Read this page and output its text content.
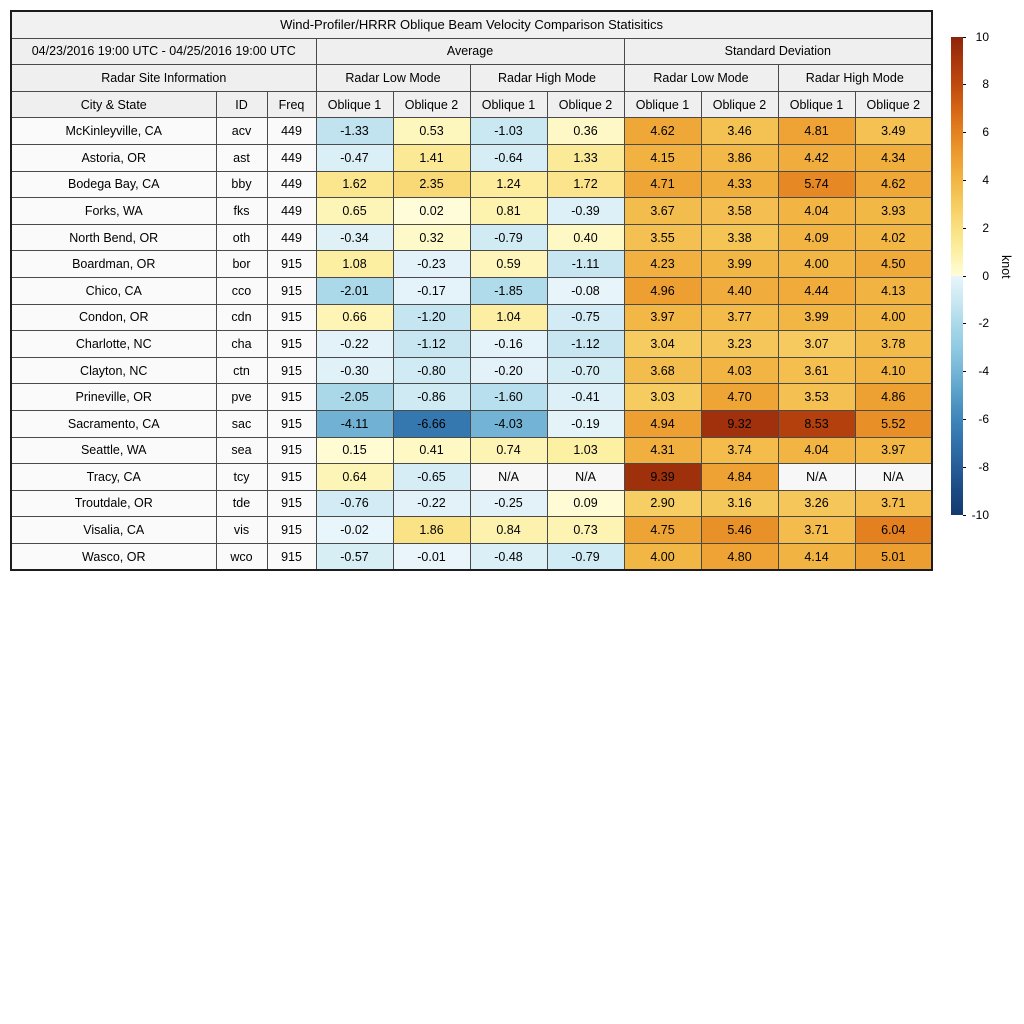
Wind-Profiler/HRRR Oblique Beam Velocity Comparison Statisitics										
04/23/2016 19:00 UTC - 04/25/2016 19:00 UTC			Average				Standard Deviation			
Radar Site Information			Radar Low Mode		Radar High Mode		Radar Low Mode		Radar High Mode	
City & State	ID	Freq	Oblique 1	Oblique 2	Oblique 1	Oblique 2	Oblique 1	Oblique 2	Oblique 1	Oblique 2
McKinleyville, CA	acv	449	-1.33	0.53	-1.03	0.36	4.62	3.46	4.81	3.49
Astoria, OR	ast	449	-0.47	1.41	-0.64	1.33	4.15	3.86	4.42	4.34
Bodega Bay, CA	bby	449	1.62	2.35	1.24	1.72	4.71	4.33	5.74	4.62
Forks, WA	fks	449	0.65	0.02	0.81	-0.39	3.67	3.58	4.04	3.93
North Bend, OR	oth	449	-0.34	0.32	-0.79	0.40	3.55	3.38	4.09	4.02
Boardman, OR	bor	915	1.08	-0.23	0.59	-1.11	4.23	3.99	4.00	4.50
Chico, CA	cco	915	-2.01	-0.17	-1.85	-0.08	4.96	4.40	4.44	4.13
Condon, OR	cdn	915	0.66	-1.20	1.04	-0.75	3.97	3.77	3.99	4.00
Charlotte, NC	cha	915	-0.22	-1.12	-0.16	-1.12	3.04	3.23	3.07	3.78
Clayton, NC	ctn	915	-0.30	-0.80	-0.20	-0.70	3.68	4.03	3.61	4.10
Prineville, OR	pve	915	-2.05	-0.86	-1.60	-0.41	3.03	4.70	3.53	4.86
Sacramento, CA	sac	915	-4.11	-6.66	-4.03	-0.19	4.94	9.32	8.53	5.52
Seattle, WA	sea	915	0.15	0.41	0.74	1.03	4.31	3.74	4.04	3.97
Tracy, CA	tcy	915	0.64	-0.65	N/A	N/A	9.39	4.84	N/A	N/A
Troutdale, OR	tde	915	-0.76	-0.22	-0.25	0.09	2.90	3.16	3.26	3.71
Visalia, CA	vis	915	-0.02	1.86	0.84	0.73	4.75	5.46	3.71	6.04
Wasco, OR	wco	915	-0.57	-0.01	-0.48	-0.79	4.00	4.80	4.14	5.01
10
8
6
4
2
0
-2
-4
-6
-8
-10
knot
